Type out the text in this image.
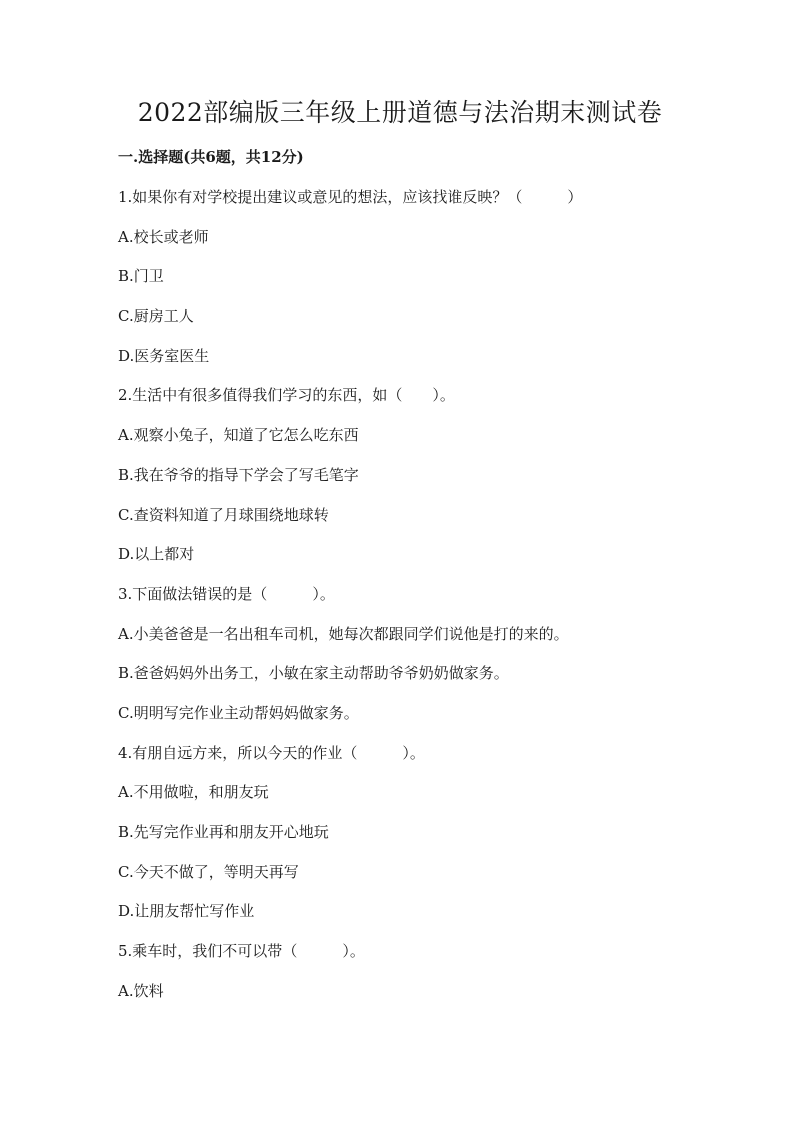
2022部编版三年级上册道德与法治期末测试卷
一.选择题(共6题，共12分)
1.如果你有对学校提出建议或意见的想法，应该找谁反映？（　　　）
A.校长或老师
B.门卫
C.厨房工人
D.医务室医生
2.生活中有很多值得我们学习的东西，如（　　）。
A.观察小兔子，知道了它怎么吃东西
B.我在爷爷的指导下学会了写毛笔字
C.查资料知道了月球围绕地球转
D.以上都对
3.下面做法错误的是（　　　）。
A.小美爸爸是一名出租车司机，她每次都跟同学们说他是打的来的。
B.爸爸妈妈外出务工，小敏在家主动帮助爷爷奶奶做家务。
C.明明写完作业主动帮妈妈做家务。
4.有朋自远方来，所以今天的作业（　　　）。
A.不用做啦，和朋友玩
B.先写完作业再和朋友开心地玩
C.今天不做了，等明天再写
D.让朋友帮忙写作业
5.乘车时，我们不可以带（　　　）。
A.饮料
